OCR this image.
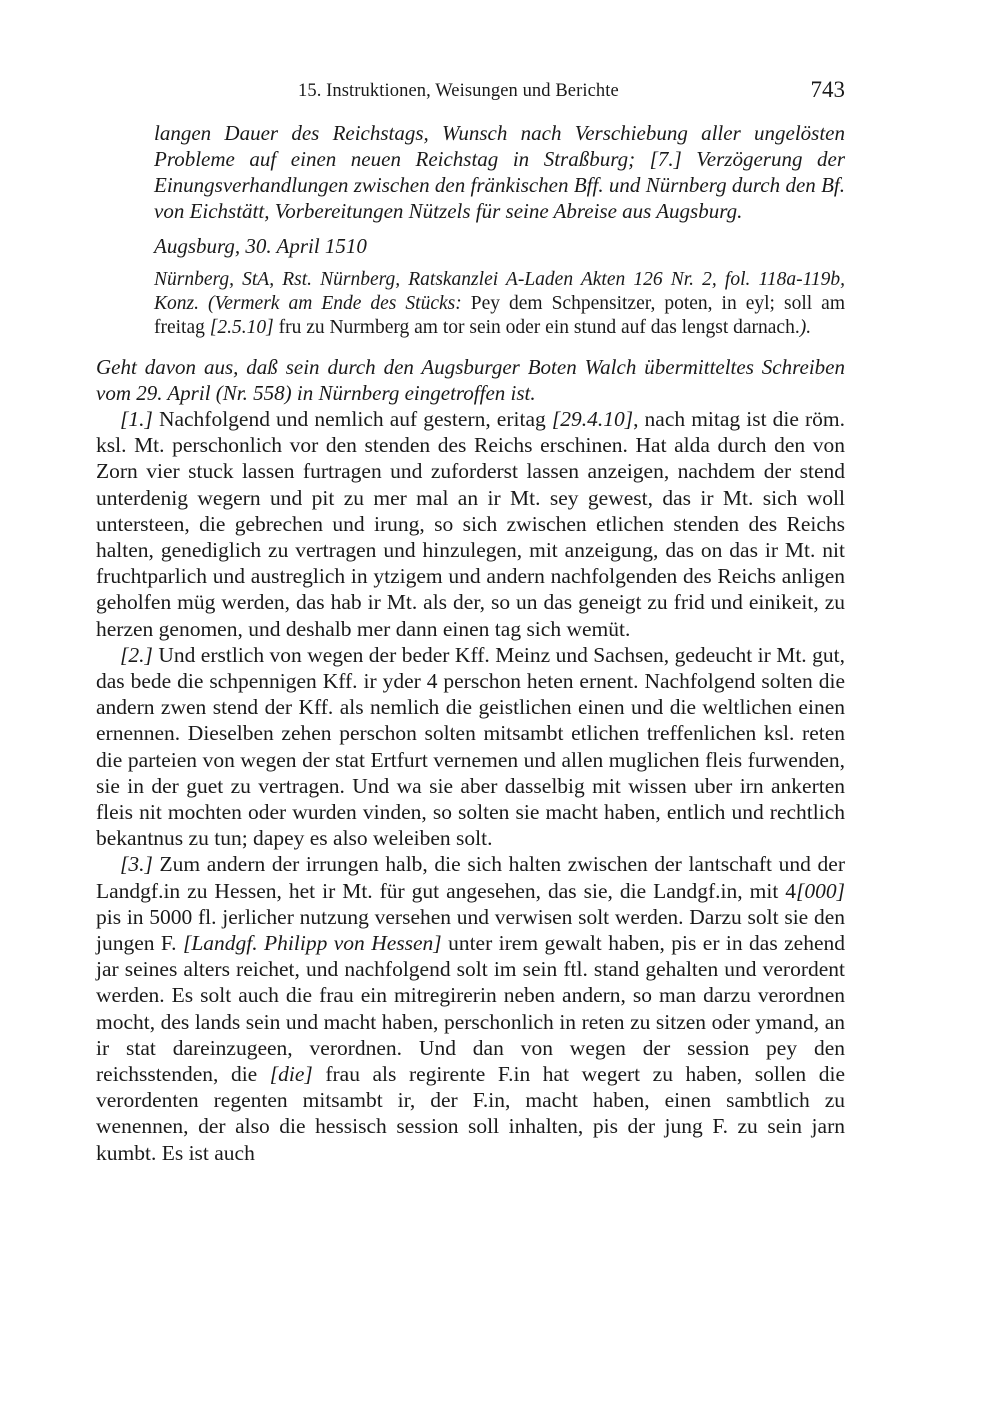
15. Instruktionen, Weisungen und Berichte	743

langen Dauer des Reichstags, Wunsch nach Verschiebung aller ungelösten Probleme auf einen neuen Reichstag in Straßburg; [7.] Verzögerung der Einungsverhandlungen zwischen den fränkischen Bff. und Nürnberg durch den Bf. von Eichstätt, Vorbereitungen Nützels für seine Abreise aus Augsburg.

Augsburg, 30. April 1510
Nürnberg, StA, Rst. Nürnberg, Ratskanzlei A-Laden Akten 126 Nr. 2, fol. 118a-119b, Konz. (Vermerk am Ende des Stücks: Pey dem Schpensitzer, poten, in eyl; soll am freitag [2.5.10] fru zu Nurmberg am tor sein oder ein stund auf das lengst darnach.).
Geht davon aus, daß sein durch den Augsburger Boten Walch übermitteltes Schreiben vom 29. April (Nr. 558) in Nürnberg eingetroffen ist.

[1.] Nachfolgend und nemlich auf gestern, eritag [29.4.10], nach mitag ist die röm. ksl. Mt. perschonlich vor den stenden des Reichs erschinen. Hat alda durch den von Zorn vier stuck lassen furtragen und zuforderst lassen anzeigen, nachdem der stend unterdenig wegern und pit zu mer mal an ir Mt. sey gewest, das ir Mt. sich woll untersteen, die gebrechen und irung, so sich zwischen etlichen stenden des Reichs halten, genediglich zu vertragen und hinzulegen, mit anzeigung, das on das ir Mt. nit fruchtparlich und austreglich in ytzigem und andern nachfolgenden des Reichs anligen geholfen müg werden, das hab ir Mt. als der, so un das geneigt zu frid und einikeit, zu herzen genomen, und deshalb mer dann einen tag sich wemüt.

[2.] Und erstlich von wegen der beder Kff. Meinz und Sachsen, gedeucht ir Mt. gut, das bede die schpennigen Kff. ir yder 4 perschon heten ernent. Nachfolgend solten die andern zwen stend der Kff. als nemlich die geistlichen einen und die weltlichen einen ernennen. Dieselben zehen perschon solten mitsambt etlichen treffenlichen ksl. reten die parteien von wegen der stat Ertfurt vernemen und allen muglichen fleis furwenden, sie in der guet zu vertragen. Und wa sie aber dasselbig mit wissen uber irn ankerten fleis nit mochten oder wurden vinden, so solten sie macht haben, entlich und rechtlich bekantnus zu tun; dapey es also weleiben solt.

[3.] Zum andern der irrungen halb, die sich halten zwischen der lantschaft und der Landgf.in zu Hessen, het ir Mt. für gut angesehen, das sie, die Landgf.in, mit 4[000] pis in 5000 fl. jerlicher nutzung versehen und verwisen solt werden. Darzu solt sie den jungen F. [Landgf. Philipp von Hessen] unter irem gewalt haben, pis er in das zehend jar seines alters reichet, und nachfolgend solt im sein ftl. stand gehalten und verordent werden. Es solt auch die frau ein mitregirerin neben andern, so man darzu verordnen mocht, des lands sein und macht haben, perschonlich in reten zu sitzen oder ymand, an ir stat dareinzugeen, verordnen. Und dan von wegen der session pey den reichsstenden, die [die] frau als regirente F.in hat wegert zu haben, sollen die verordenten regenten mitsambt ir, der F.in, macht haben, einen sambtlich zu wenennen, der also die hessisch session soll inhalten, pis der jung F. zu sein jarn kumbt. Es ist auch
